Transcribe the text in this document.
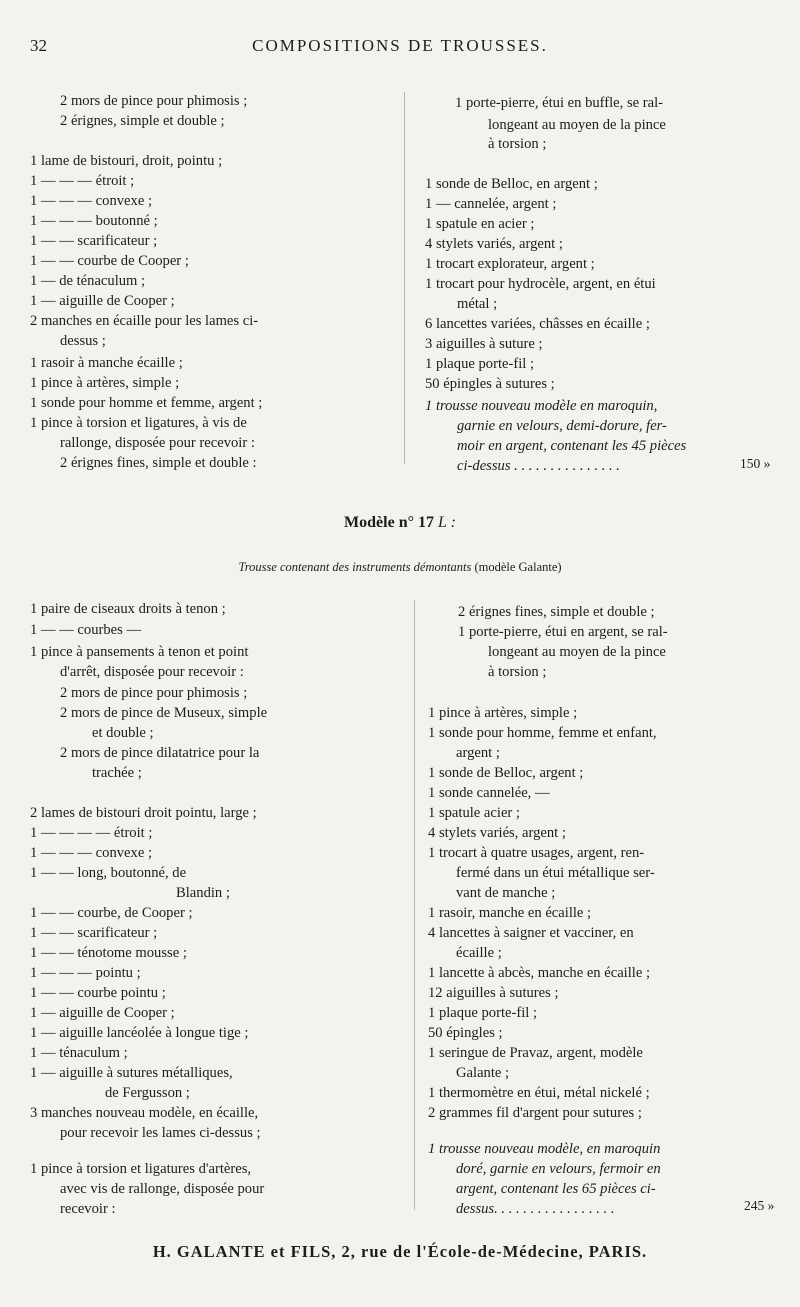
32	COMPOSITIONS DE TROUSSES.
2 mors de pince pour phimosis ;
2 érignes, simple et double ;
1 lame de bistouri, droit, pointu ;
1 — — — étroit ;
1 — — — convexe ;
1 — — — boutonné ;
1 — — scarificateur ;
1 — — courbe de Cooper ;
1 — de ténaculum ;
1 — aiguille de Cooper ;
2 manches en écaille pour les lames ci-
dessus ;
1 rasoir à manche écaille ;
1 pince à artères, simple ;
1 sonde pour homme et femme, argent ;
1 pince à torsion et ligatures, à vis de
rallonge, disposée pour recevoir :
2 érignes fines, simple et double :
1 porte-pierre, étui en buffle, se ral-
longeant au moyen de la pince
à torsion ;
1 sonde de Belloc, en argent ;
1 — cannelée, argent ;
1 spatule en acier ;
4 stylets variés, argent ;
1 trocart explorateur, argent ;
1 trocart pour hydrocèle, argent, en étui
métal ;
6 lancettes variées, châsses en écaille ;
3 aiguilles à suture ;
1 plaque porte-fil ;
50 épingles à sutures ;
1 trousse nouveau modèle en maroquin,
garnie en velours, demi-dorure, fer-
moir en argent, contenant les 45 pièces
ci-dessus . . . . . . . . . . . . . . .	150 »
Modèle n° 17 L :
Trousse contenant des instruments démontants (modèle Galante)
1 paire de ciseaux droits à tenon ;
1 — — courbes —
1 pince à pansements à tenon et point
d'arrêt, disposée pour recevoir :
2 mors de pince pour phimosis ;
2 mors de pince de Museux, simple
et double ;
2 mors de pince dilatatrice pour la
trachée ;
2 lames de bistouri droit pointu, large ;
1 — — — — étroit ;
1 — — — convexe ;
1 — — long, boutonné, de
Blandin ;
1 — — courbe, de Cooper ;
1 — — scarificateur ;
1 — — ténotome mousse ;
1 — — — pointu ;
1 — — courbe pointu ;
1 — aiguille de Cooper ;
1 — aiguille lancéolée à longue tige ;
1 — ténaculum ;
1 — aiguille à sutures métalliques,
de Fergusson ;
3 manches nouveau modèle, en écaille,
pour recevoir les lames ci-dessus ;
1 pince à torsion et ligatures d'artères,
avec vis de rallonge, disposée pour
recevoir :
2 érignes fines, simple et double ;
1 porte-pierre, étui en argent, se ral-
longeant au moyen de la pince
à torsion ;
1 pince à artères, simple ;
1 sonde pour homme, femme et enfant,
argent ;
1 sonde de Belloc, argent ;
1 sonde cannelée, —
1 spatule acier ;
4 stylets variés, argent ;
1 trocart à quatre usages, argent, ren-
fermé dans un étui métallique ser-
vant de manche ;
1 rasoir, manche en écaille ;
4 lancettes à saigner et vacciner, en
écaille ;
1 lancette à abcès, manche en écaille ;
12 aiguilles à sutures ;
1 plaque porte-fil ;
50 épingles ;
1 seringue de Pravaz, argent, modèle
Galante ;
1 thermomètre en étui, métal nickelé ;
2 grammes fil d'argent pour sutures ;
1 trousse nouveau modèle, en maroquin
doré, garnie en velours, fermoir en
argent, contenant les 65 pièces ci-
dessus. . . . . . . . . . . . . . . . .	245 »
H. GALANTE et FILS, 2, rue de l'École-de-Médecine, PARIS.
